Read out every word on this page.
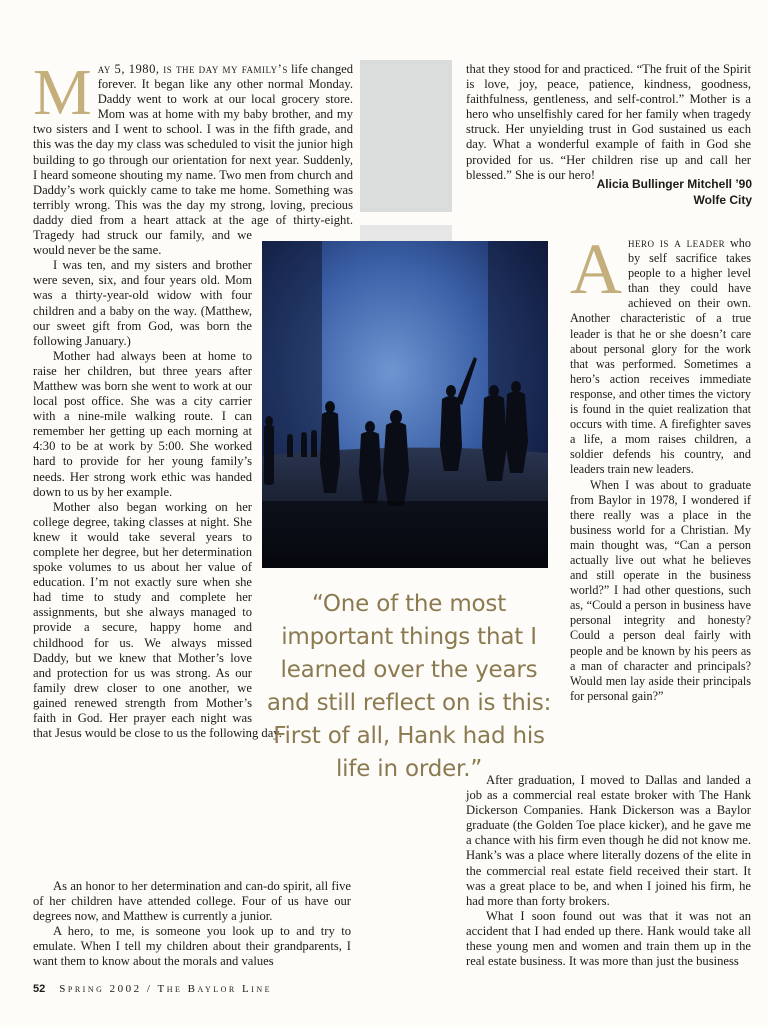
M ay 5, 1980, is the day my family’s life changed forever. It began like any other normal Monday. Daddy went to work at our local grocery store. Mom was at home with my baby brother, and my two sisters and I went to school. I was in the fifth grade, and this was the day my class was scheduled to visit the junior high building to go through our orientation for next year. Suddenly, I heard someone shouting my name. Two men from church and Daddy’s work quickly came to take me home. Something was terribly wrong. This was the day my strong, loving, precious daddy died from a heart attack at the age of thirty-eight. Tragedy had struck our family, and we would never be the same.

I was ten, and my sisters and brother were seven, six, and four years old. Mom was a thirty-year-old widow with four children and a baby on the way. (Matthew, our sweet gift from God, was born the following January.)

Mother had always been at home to raise her children, but three years after Matthew was born she went to work at our local post office. She was a city carrier with a nine-mile walking route. I can remember her getting up each morning at 4:30 to be at work by 5:00. She worked hard to provide for her young family’s needs. Her strong work ethic was handed down to us by her example.

Mother also began working on her college degree, taking classes at night. She knew it would take several years to complete her degree, but her determination spoke volumes to us about her value of education. I’m not exactly sure when she had time to study and complete her assignments, but she always managed to provide a secure, happy home and childhood for us. We always missed Daddy, but we knew that Mother’s love and protection for us was strong. As our family drew closer to one another, we gained renewed strength from Mother’s faith in God. Her prayer each night was that Jesus would be close to us the following day.

As an honor to her determination and can-do spirit, all five of her children have attended college. Four of us have our degrees now, and Matthew is currently a junior.

A hero, to me, is someone you look up to and try to emulate. When I tell my children about their grandparents, I want them to know about the morals and values

that they stood for and practiced. “The fruit of the Spirit is love, joy, peace, patience, kindness, goodness, faithfulness, gentleness, and self-control.” Mother is a hero who unselfishly cared for her family when tragedy struck. Her unyielding trust in God sustained us each day. What a wonderful example of faith in God she provided for us. “Her children rise up and call her blessed.” She is our hero!

Alicia Bullinger Mitchell ’90
Wolfe City

A hero is a leader who by self sacrifice takes people to a higher level than they could have achieved on their own. Another characteristic of a true leader is that he or she doesn’t care about personal glory for the work that was performed. Sometimes a hero’s action receives immediate response, and other times the victory is found in the quiet realization that occurs with time. A firefighter saves a life, a mom raises children, a soldier defends his country, and leaders train new leaders.

When I was about to graduate from Baylor in 1978, I wondered if there really was a place in the business world for a Christian. My main thought was, “Can a person actually live out what he believes and still operate in the business world?” I had other questions, such as, “Could a person in business have personal integrity and honesty? Could a person deal fairly with people and be known by his peers as a man of character and principals? Would men lay aside their principals for personal gain?”

After graduation, I moved to Dallas and landed a job as a commercial real estate broker with The Hank Dickerson Companies. Hank Dickerson was a Baylor graduate (the Golden Toe place kicker), and he gave me a chance with his firm even though he did not know me. Hank’s was a place where literally dozens of the elite in the commercial real estate field received their start. It was a great place to be, and when I joined his firm, he had more than forty brokers.

What I soon found out was that it was not an accident that I had ended up there. Hank would take all these young men and women and train them up in the real estate business. It was more than just the business

“One of the most important things that I learned over the years and still reflect on is this: First of all, Hank had his life in order.”
52 Spring 2002 / The Baylor Line
